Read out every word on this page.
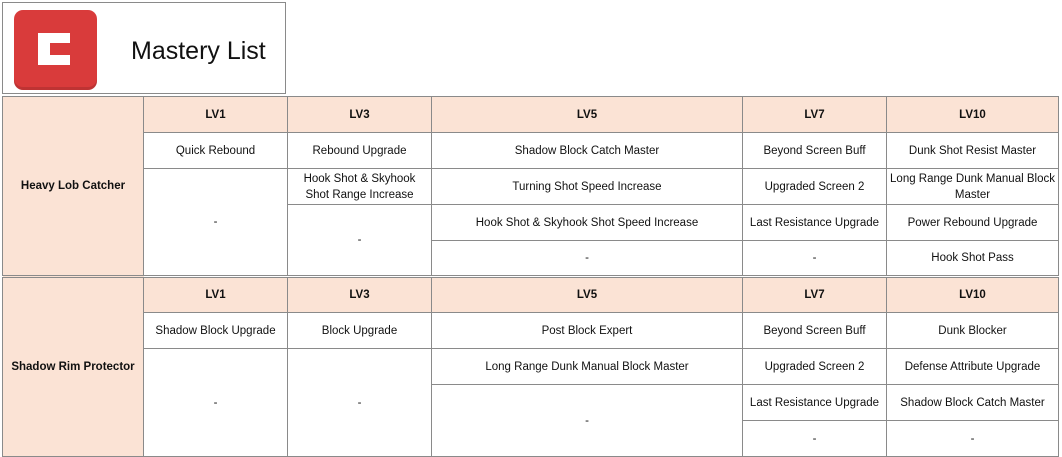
Mastery List
Heavy Lob Catcher	LV1	LV3	LV5	LV7	LV10
	Quick Rebound	Rebound Upgrade	Shadow Block Catch Master	Beyond Screen Buff	Dunk Shot Resist Master
	-	Hook Shot & Skyhook Shot Range Increase	Turning Shot Speed Increase	Upgraded Screen 2	Long Range Dunk Manual Block Master
		-	Hook Shot & Skyhook Shot Speed Increase	Last Resistance Upgrade	Power Rebound Upgrade
			-	-	Hook Shot Pass
Shadow Rim Protector	LV1	LV3	LV5	LV7	LV10
	Shadow Block Upgrade	Block Upgrade	Post Block Expert	Beyond Screen Buff	Dunk Blocker
	-	-	Long Range Dunk Manual Block Master	Upgraded Screen 2	Defense Attribute Upgrade
			-	Last Resistance Upgrade	Shadow Block Catch Master
				-	-
